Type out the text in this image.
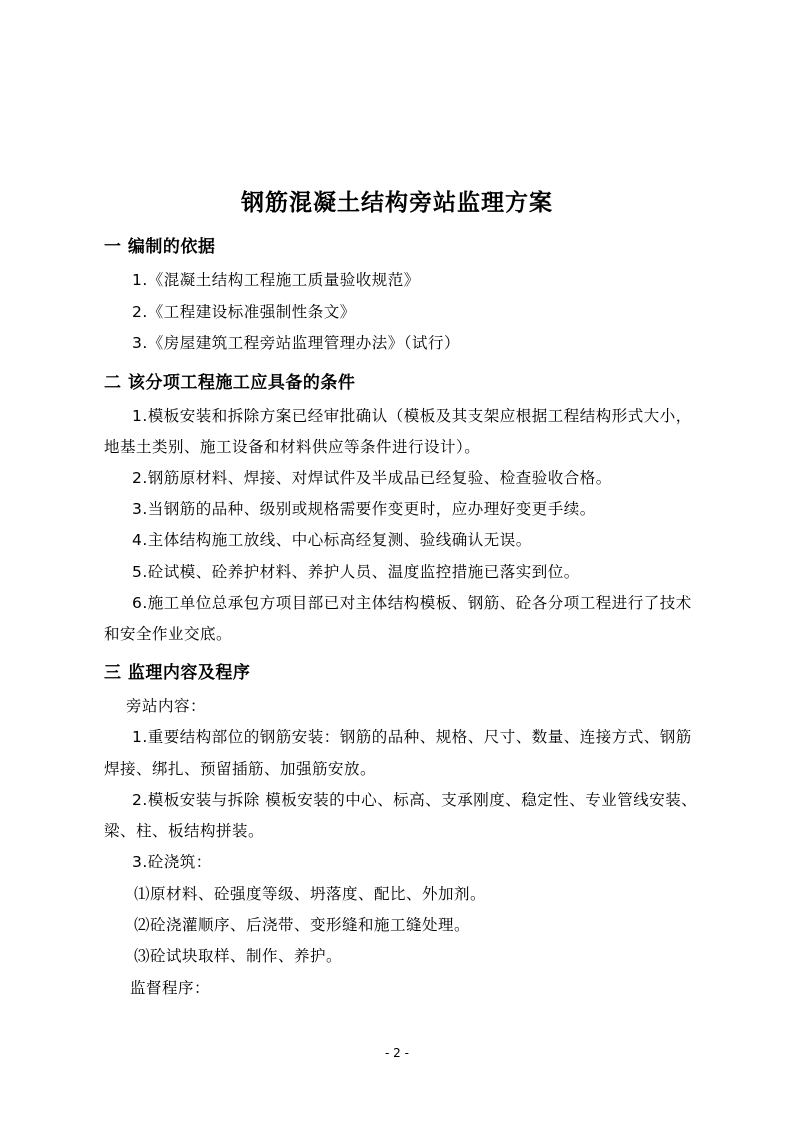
钢筋混凝土结构旁站监理方案
一 编制的依据
1.《混凝土结构工程施工质量验收规范》
2.《工程建设标准强制性条文》
3.《房屋建筑工程旁站监理管理办法》（试行）
二 该分项工程施工应具备的条件
1.模板安装和拆除方案已经审批确认（模板及其支架应根据工程结构形式大小，
地基土类别、施工设备和材料供应等条件进行设计）。
2.钢筋原材料、焊接、对焊试件及半成品已经复验、检查验收合格。
3.当钢筋的品种、级别或规格需要作变更时，应办理好变更手续。
4.主体结构施工放线、中心标高经复测、验线确认无误。
5.砼试模、砼养护材料、养护人员、温度监控措施已落实到位。
6.施工单位总承包方项目部已对主体结构模板、钢筋、砼各分项工程进行了技术
和安全作业交底。
三 监理内容及程序
旁站内容：
1.重要结构部位的钢筋安装：钢筋的品种、规格、尺寸、数量、连接方式、钢筋
焊接、绑扎、预留插筋、加强筋安放。
2.模板安装与拆除 模板安装的中心、标高、支承刚度、稳定性、专业管线安装、
梁、柱、板结构拼装。
3.砼浇筑：
⑴原材料、砼强度等级、坍落度、配比、外加剂。
⑵砼浇灌顺序、后浇带、变形缝和施工缝处理。
⑶砼试块取样、制作、养护。
监督程序：
- 2 -
